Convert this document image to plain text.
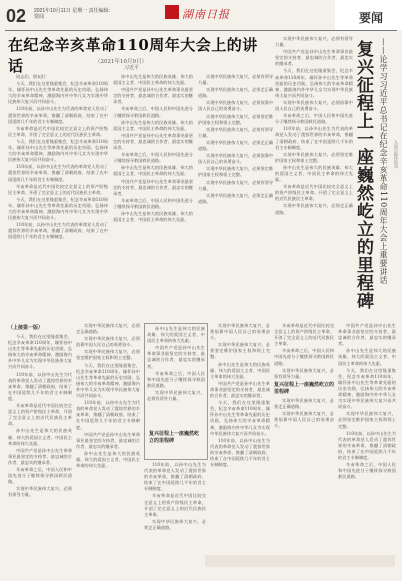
02 2021年10月11日 星期一 责任编辑：要闻	湖南日报	要闻
在纪念辛亥革命110周年大会上的讲话	（2021年10月9日）
习近平

同志们，朋友们：

今天，我们在这里隆重集会，纪念辛亥革命110周年，缅怀孙中山先生等革命先驱的历史功勋，弘扬伟大的辛亥革命精神，激励海内外中华儿女为实现中华民族伟大复兴而共同奋斗。

110年前，以孙中山先生为代表的革命党人发动了震惊世界的辛亥革命，推翻了清朝政府，结束了在中国延续几千年的君主专制制度。

辛亥革命是近代中国比较完全意义上的资产阶级民主革命，开创了完全意义上的近代民族民主革命。

今天，我们在这里隆重集会，纪念辛亥革命110周年，缅怀孙中山先生等革命先驱的历史功勋，弘扬伟大的辛亥革命精神，激励海内外中华儿女为实现中华民族伟大复兴而共同奋斗。

110年前，以孙中山先生为代表的革命党人发动了震惊世界的辛亥革命，推翻了清朝政府，结束了在中国延续几千年的君主专制制度。

辛亥革命是近代中国比较完全意义上的资产阶级民主革命，开创了完全意义上的近代民族民主革命。

今天，我们在这里隆重集会，纪念辛亥革命110周年，缅怀孙中山先生等革命先驱的历史功勋，弘扬伟大的辛亥革命精神，激励海内外中华儿女为实现中华民族伟大复兴而共同奋斗。

110年前，以孙中山先生为代表的革命党人发动了震惊世界的辛亥革命，推翻了清朝政府，结束了在中国延续几千年的君主专制制度。

孙中山先生是伟大的民族英雄、伟大的爱国主义者、中国民主革命的伟大先驱。

中国共产党是孙中山先生革命事业最坚定的支持者、最忠诚的合作者、最忠实的继承者。

辛亥革命之后，中国人民和中国先进分子继续探寻救国救民道路。

孙中山先生是伟大的民族英雄、伟大的爱国主义者、中国民主革命的伟大先驱。

中国共产党是孙中山先生革命事业最坚定的支持者、最忠诚的合作者、最忠实的继承者。

辛亥革命之后，中国人民和中国先进分子继续探寻救国救民道路。

孙中山先生是伟大的民族英雄、伟大的爱国主义者、中国民主革命的伟大先驱。

中国共产党是孙中山先生革命事业最坚定的支持者、最忠诚的合作者、最忠实的继承者。

辛亥革命之后，中国人民和中国先进分子继续探寻救国救民道路。

孙中山先生是伟大的民族英雄、伟大的爱国主义者、中国民主革命的伟大先驱。

实现中华民族伟大复兴，必须有领导力量。

实现中华民族伟大复兴，必须走正确道路。

实现中华民族伟大复兴，必须依靠中国人民自己的英勇奋斗。

实现中华民族伟大复兴，必须坚定维护国家主权和领土完整。

实现中华民族伟大复兴，必须有领导力量。

实现中华民族伟大复兴，必须走正确道路。

实现中华民族伟大复兴，必须依靠中国人民自己的英勇奋斗。

实现中华民族伟大复兴，必须坚定维护国家主权和领土完整。

实现中华民族伟大复兴，必须有领导力量。

实现中华民族伟大复兴，必须走正确道路。

实现中华民族伟大复兴，必须有领导力量。

中国共产党是孙中山先生革命事业最坚定的支持者、最忠诚的合作者、最忠实的继承者。

今天，我们在这里隆重集会，纪念辛亥革命110周年，缅怀孙中山先生等革命先驱的历史功勋，弘扬伟大的辛亥革命精神，激励海内外中华儿女为实现中华民族伟大复兴而共同奋斗。

实现中华民族伟大复兴，必须依靠中国人民自己的英勇奋斗。

辛亥革命之后，中国人民和中国先进分子继续探寻救国救民道路。

110年前，以孙中山先生为代表的革命党人发动了震惊世界的辛亥革命，推翻了清朝政府，结束了在中国延续几千年的君主专制制度。

实现中华民族伟大复兴，必须坚定维护国家主权和领土完整。

孙中山先生是伟大的民族英雄、伟大的爱国主义者、中国民主革命的伟大先驱。

辛亥革命是近代中国比较完全意义上的资产阶级民主革命，开创了完全意义上的近代民族民主革命。

实现中华民族伟大复兴，必须走正确道路。	复兴征程上一座巍然屹立的里程碑 ——论学习习近平总书记在纪念辛亥革命110周年大会上重要讲话	人民日报评论员
（上接第一版）

今天，我们在这里隆重集会，纪念辛亥革命110周年，缅怀孙中山先生等革命先驱的历史功勋，弘扬伟大的辛亥革命精神，激励海内外中华儿女为实现中华民族伟大复兴而共同奋斗。

110年前，以孙中山先生为代表的革命党人发动了震惊世界的辛亥革命，推翻了清朝政府，结束了在中国延续几千年的君主专制制度。

辛亥革命是近代中国比较完全意义上的资产阶级民主革命，开创了完全意义上的近代民族民主革命。

孙中山先生是伟大的民族英雄、伟大的爱国主义者、中国民主革命的伟大先驱。

中国共产党是孙中山先生革命事业最坚定的支持者、最忠诚的合作者、最忠实的继承者。

辛亥革命之后，中国人民和中国先进分子继续探寻救国救民道路。

实现中华民族伟大复兴，必须有领导力量。

实现中华民族伟大复兴，必须走正确道路。

实现中华民族伟大复兴，必须依靠中国人民自己的英勇奋斗。

实现中华民族伟大复兴，必须坚定维护国家主权和领土完整。

今天，我们在这里隆重集会，纪念辛亥革命110周年，缅怀孙中山先生等革命先驱的历史功勋，弘扬伟大的辛亥革命精神，激励海内外中华儿女为实现中华民族伟大复兴而共同奋斗。

110年前，以孙中山先生为代表的革命党人发动了震惊世界的辛亥革命，推翻了清朝政府，结束了在中国延续几千年的君主专制制度。

中国共产党是孙中山先生革命事业最坚定的支持者、最忠诚的合作者、最忠实的继承者。

孙中山先生是伟大的民族英雄、伟大的爱国主义者、中国民主革命的伟大先驱。

孙中山先生是伟大的民族英雄、伟大的爱国主义者、中国民主革命的伟大先驱。

中国共产党是孙中山先生革命事业最坚定的支持者、最忠诚的合作者、最忠实的继承者。

辛亥革命之后，中国人民和中国先进分子继续探寻救国救民道路。

实现中华民族伟大复兴，必须有领导力量。

复兴征程上一座巍然屹立的里程碑

110年前，以孙中山先生为代表的革命党人发动了震惊世界的辛亥革命，推翻了清朝政府，结束了在中国延续几千年的君主专制制度。

辛亥革命是近代中国比较完全意义上的资产阶级民主革命，开创了完全意义上的近代民族民主革命。

实现中华民族伟大复兴，必须走正确道路。

实现中华民族伟大复兴，必须依靠中国人民自己的英勇奋斗。

实现中华民族伟大复兴，必须坚定维护国家主权和领土完整。

孙中山先生是伟大的民族英雄、伟大的爱国主义者、中国民主革命的伟大先驱。

中国共产党是孙中山先生革命事业最坚定的支持者、最忠诚的合作者、最忠实的继承者。

今天，我们在这里隆重集会，纪念辛亥革命110周年，缅怀孙中山先生等革命先驱的历史功勋，弘扬伟大的辛亥革命精神，激励海内外中华儿女为实现中华民族伟大复兴而共同奋斗。

110年前，以孙中山先生为代表的革命党人发动了震惊世界的辛亥革命，推翻了清朝政府，结束了在中国延续几千年的君主专制制度。

辛亥革命是近代中国比较完全意义上的资产阶级民主革命，开创了完全意义上的近代民族民主革命。

辛亥革命之后，中国人民和中国先进分子继续探寻救国救民道路。

实现中华民族伟大复兴，必须有领导力量。

复兴征程上一座巍然屹立的里程碑

实现中华民族伟大复兴，必须走正确道路。

实现中华民族伟大复兴，必须依靠中国人民自己的英勇奋斗。

中国共产党是孙中山先生革命事业最坚定的支持者、最忠诚的合作者、最忠实的继承者。

孙中山先生是伟大的民族英雄、伟大的爱国主义者、中国民主革命的伟大先驱。

今天，我们在这里隆重集会，纪念辛亥革命110周年，缅怀孙中山先生等革命先驱的历史功勋，弘扬伟大的辛亥革命精神，激励海内外中华儿女为实现中华民族伟大复兴而共同奋斗。

实现中华民族伟大复兴，必须坚定维护国家主权和领土完整。

110年前，以孙中山先生为代表的革命党人发动了震惊世界的辛亥革命，推翻了清朝政府，结束了在中国延续几千年的君主专制制度。

辛亥革命之后，中国人民和中国先进分子继续探寻救国救民道路。
